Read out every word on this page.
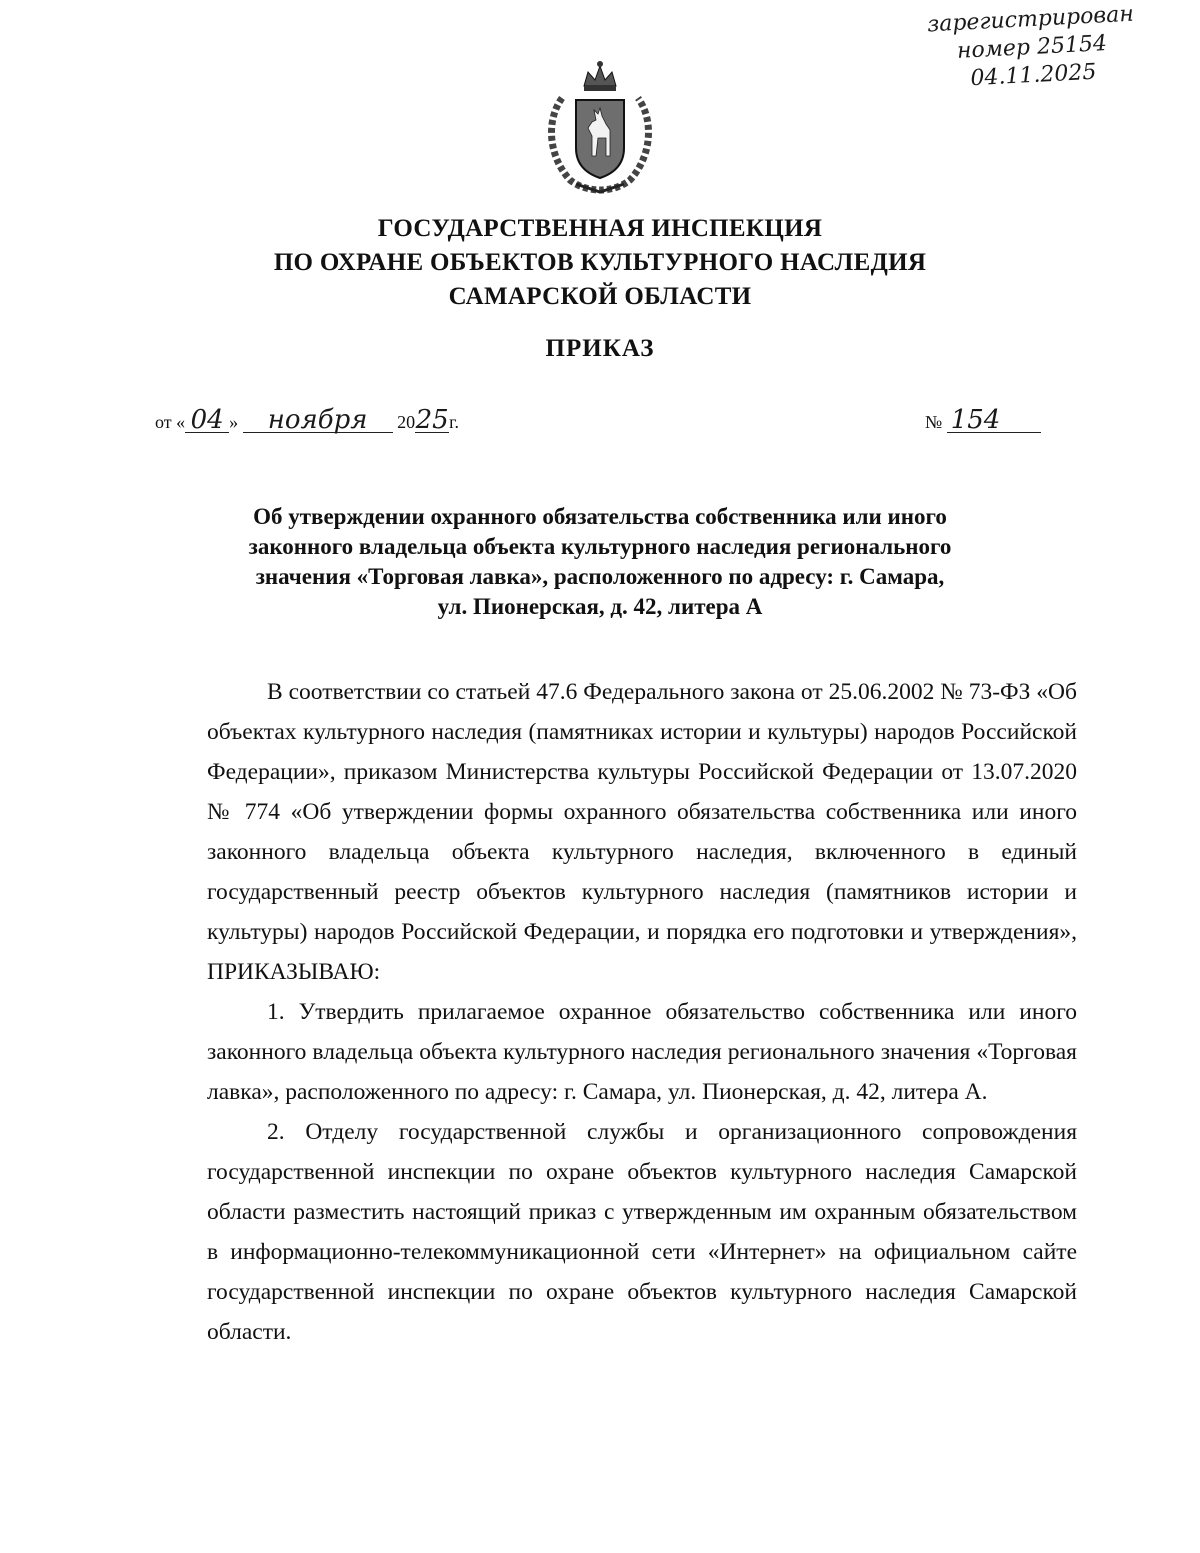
зарегистрирован
номер 25154
04.11.2025
ГОСУДАРСТВЕННАЯ ИНСПЕКЦИЯ
ПО ОХРАНЕ ОБЪЕКТОВ КУЛЬТУРНОГО НАСЛЕДИЯ
САМАРСКОЙ ОБЛАСТИ
ПРИКАЗ
от « 04 » ноября 2025г.	№ 154
Об утверждении охранного обязательства собственника или иного
законного владельца объекта культурного наследия регионального
значения «Торговая лавка», расположенного по адресу: г. Самара,
ул. Пионерская, д. 42, литера А

В соответствии со статьей 47.6 Федерального закона от 25.06.2002 № 73-ФЗ «Об объектах культурного наследия (памятниках истории и культуры) народов Российской Федерации», приказом Министерства культуры Российской Федерации от 13.07.2020 № 774 «Об утверждении формы охранного обязательства собственника или иного законного владельца объекта культурного наследия, включенного в единый государственный реестр объектов культурного наследия (памятников истории и культуры) народов Российской Федерации, и порядка его подготовки и утверждения», ПРИКАЗЫВАЮ:

1. Утвердить прилагаемое охранное обязательство собственника или иного законного владельца объекта культурного наследия регионального значения «Торговая лавка», расположенного по адресу: г. Самара, ул. Пионерская, д. 42, литера А.

2. Отделу государственной службы и организационного сопровождения государственной инспекции по охране объектов культурного наследия Самарской области разместить настоящий приказ с утвержденным им охранным обязательством в информационно-телекоммуникационной сети «Интернет» на официальном сайте государственной инспекции по охране объектов культурного наследия Самарской области.
